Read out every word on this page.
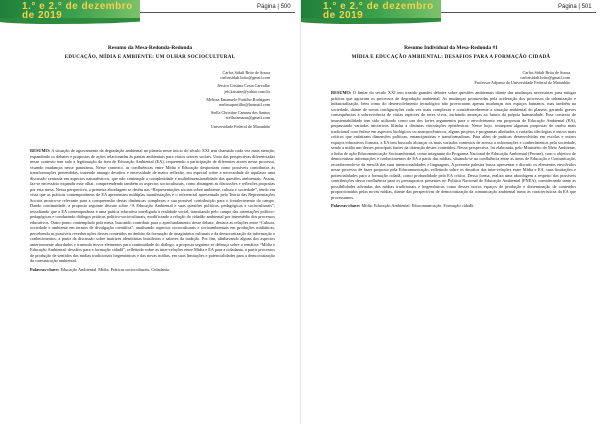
1.° e 2.° de dezembro de 2019
Página | 500
Resumo da Mesa-Redonda-Redonda
EDUCAÇÃO, MÍDIA E AMBIENTE: UM OLHAR SOCIOCULTURAL
Carlos Sidali Brito de Sousa
carlossidali.brito@gmail.com
Jéssica Cristina Costa Carvalho
jeh.kristine@yahoo.com.br
Melissa Emanuele Portilho Rodrigues
melissaportilho@hotmail.com
Stella Christine Camara dos Santos
stellacamaras@gmail.com
Universidade Federal do Maranhão
RESUMO: A situação de agravamento da degradação ambiental no planeta neste início do século XXI tem chamado cada vez mais atenção, expandindo os debates e propostas de ações relacionadas às pautas ambientais para vários setores sociais. Uma das perspectivas diferenciadas nesse contexto tem sido a legitimação da área de Educação Ambiental (EA), requerendo a participação de diferentes atores nesse processo, visando mudanças nesse panorama. Nesse contexto, as confluências entre Mídia e Educação despontam como possíveis contributos às transformações pretendidas, trazendo amargo desafios e necessidade de maior reflexão, em especial sobre a necessidade de aquilatar uma discussão centrada em aspectos naturalísticos, que não contemple a complexidade e multidimensionalidade das questões ambientais. Assim, faz-se necessário expandir esse olhar, compreendendo também os aspectos socioculturais, como abrangem as discussões e reflexões propostas por esta mesa. Nessa perspectiva, a primeira abordagem se detém nas “Representações sociais sobre ambiente, cultura e sociedade”, tendo em vista que as práticas contemporâneas de EA apresentam múltiplas manifestações e o referencial apresentado pela Teoria das Representações Sociais mostra-se relevante para a compreensão destas dinâmicas complexas e sua possível contribuição para o fortalecimento do campo. Dando continuidade, a proposta seguinte discute sobre “A Educação Ambiental e suas questões políticas, pedagógicas e socioculturais”, ressaltando que a EA contemporânea é uma prática educativa interligada à realidade social, transitando pelo campo das orientações político-pedagógicas e conduzindo diálogos práticas político-socioculturais, modificando a relação do cidadão ambiental por intermédio dos processos educativos. Outro ponto contemplado pela mesa, buscando contribuir para o aprofundamento desse debate, destaca as relações entre “Cultura, sociedade e ambiente em termos de divulgação científica”, analisando aspectos socioculturais e socioambientais em produções midiáticas, percebendo as possíveis reverberações desses conteúdos no âmbito da formação de imaginários culturais e da democratização da informação e conhecimentos, a partir da discussão sobre matrizes identitárias brasileiras e saberes da tradição. Por fim, alinhavando alguns dos aspectos anteriormente abordados e trazendo novos elementos para continuidade do diálogo, a proposta seguinte se debruça sobre a temática “Mídia e Educação Ambiental: desafios para a formação cidadã”, refletindo sobre as inter-relações entre Mídia e EA para a cidadania, a partir processos de produção de sentidos das mídias tradicionais hegemônicas e das novas mídias, em suas limitações e potencialidades para a democratização da comunicação ambiental.
Palavras-chave: Educação Ambiental. Mídia. Práticas socioculturais. Cidadania.
1.° e 2.° de dezembro de 2019
Página | 501
Resumo Individual da Mesa-Redonda #1
MÍDIA E EDUCAÇÃO AMBIENTAL: DESAFIOS PARA A FORMAÇÃO CIDADÃ
Carlos Sidali Brito de Sousa
carlossidali.brito@gmail.com
Professor Adjunto da Universidade Federal do Maranhão
RESUMO: O limiar do século XXI tem trazido grandes debates sobre questões ambientais diante das mudanças necessárias para mitigar práticas que agravam os processos de degradação ambiental. As mudanças promovidas pela aceleração dos processos de urbanização e industrialização, bem como do desenvolvimento tecnológico não provocaram apenas mudanças nos espaços humanos, mas também na sociedade, diante de novas configurações cada vez mais complexas e consideravelmente a situação ambiental do planeta, gerando graves consequências à sobrevivência de várias espécies de seres vivos, incluindo ameaças ao futuro da própria humanidade. Esse contexto de insustentabilidade tem sido utilizado como um dos fortes argumentos para o envolvimento em propostas de Educação Ambiental (EA), perpassando variadas iniciativas filiadas a distintas vinculações epistêmicas. Nesse bojo, irrompem algumas propostas de cunho mais tradicional com ênfase em aspectos biológicos ou antropocêntricos, alguns projetos e programas alinhados a variadas ideologias e outros mais críticos que enfatizam dimensões políticas, emancipatórias e transformadoras. Para além de práticas desenvolvidas em escolas e outros espaços educativos formais, a EA tem buscado alcançar os mais variados contextos de acesso a informações e conhecimentos pela sociedade, sendo a mídia um desses principais fontes da obtenção destes conteúdos. Nessa perspectiva, foi elaborada, pelo Ministério do Meio Ambiente, a linha de ação Educomunicação Socioambiental, como integrante do Programa Nacional de Educação Ambiental (Pronea), com o objetivo de democratizar informações e conhecimentos de EA a partir das mídias, situando-se na confluência entre as áreas de Educação e Comunicação, reconhecendo-se da mesclã das suas intencionalidades e linguagens. A presente palestra busca apresentar e discutir os elementos envolvidos nesse processo de fazer proposto pela Educomunicação, refletindo sobre os desafios das inter-relações entre Mídia e EA, suas limitações e potencialidades para a formação cidadã, como profundidade pela EA crítica. Dessa forma, realiza uma abordagem a respeito das possíveis contribuições dessa confluência para os pressupostos presentes no Política Nacional de Educação Ambiental (PNEA), considerando tanto as possibilidades advindas das mídias tradicionais e hegemônicas como desses novos espaços de produção e disseminação de conteúdos proporcionados pelas novas mídias, diante das perspectivas de democratização da comunicação ambiental rumo às características da EA que processamos.
Palavras-chave: Mídia. Educação Ambiental. Educomunicação. Formação cidadã.
